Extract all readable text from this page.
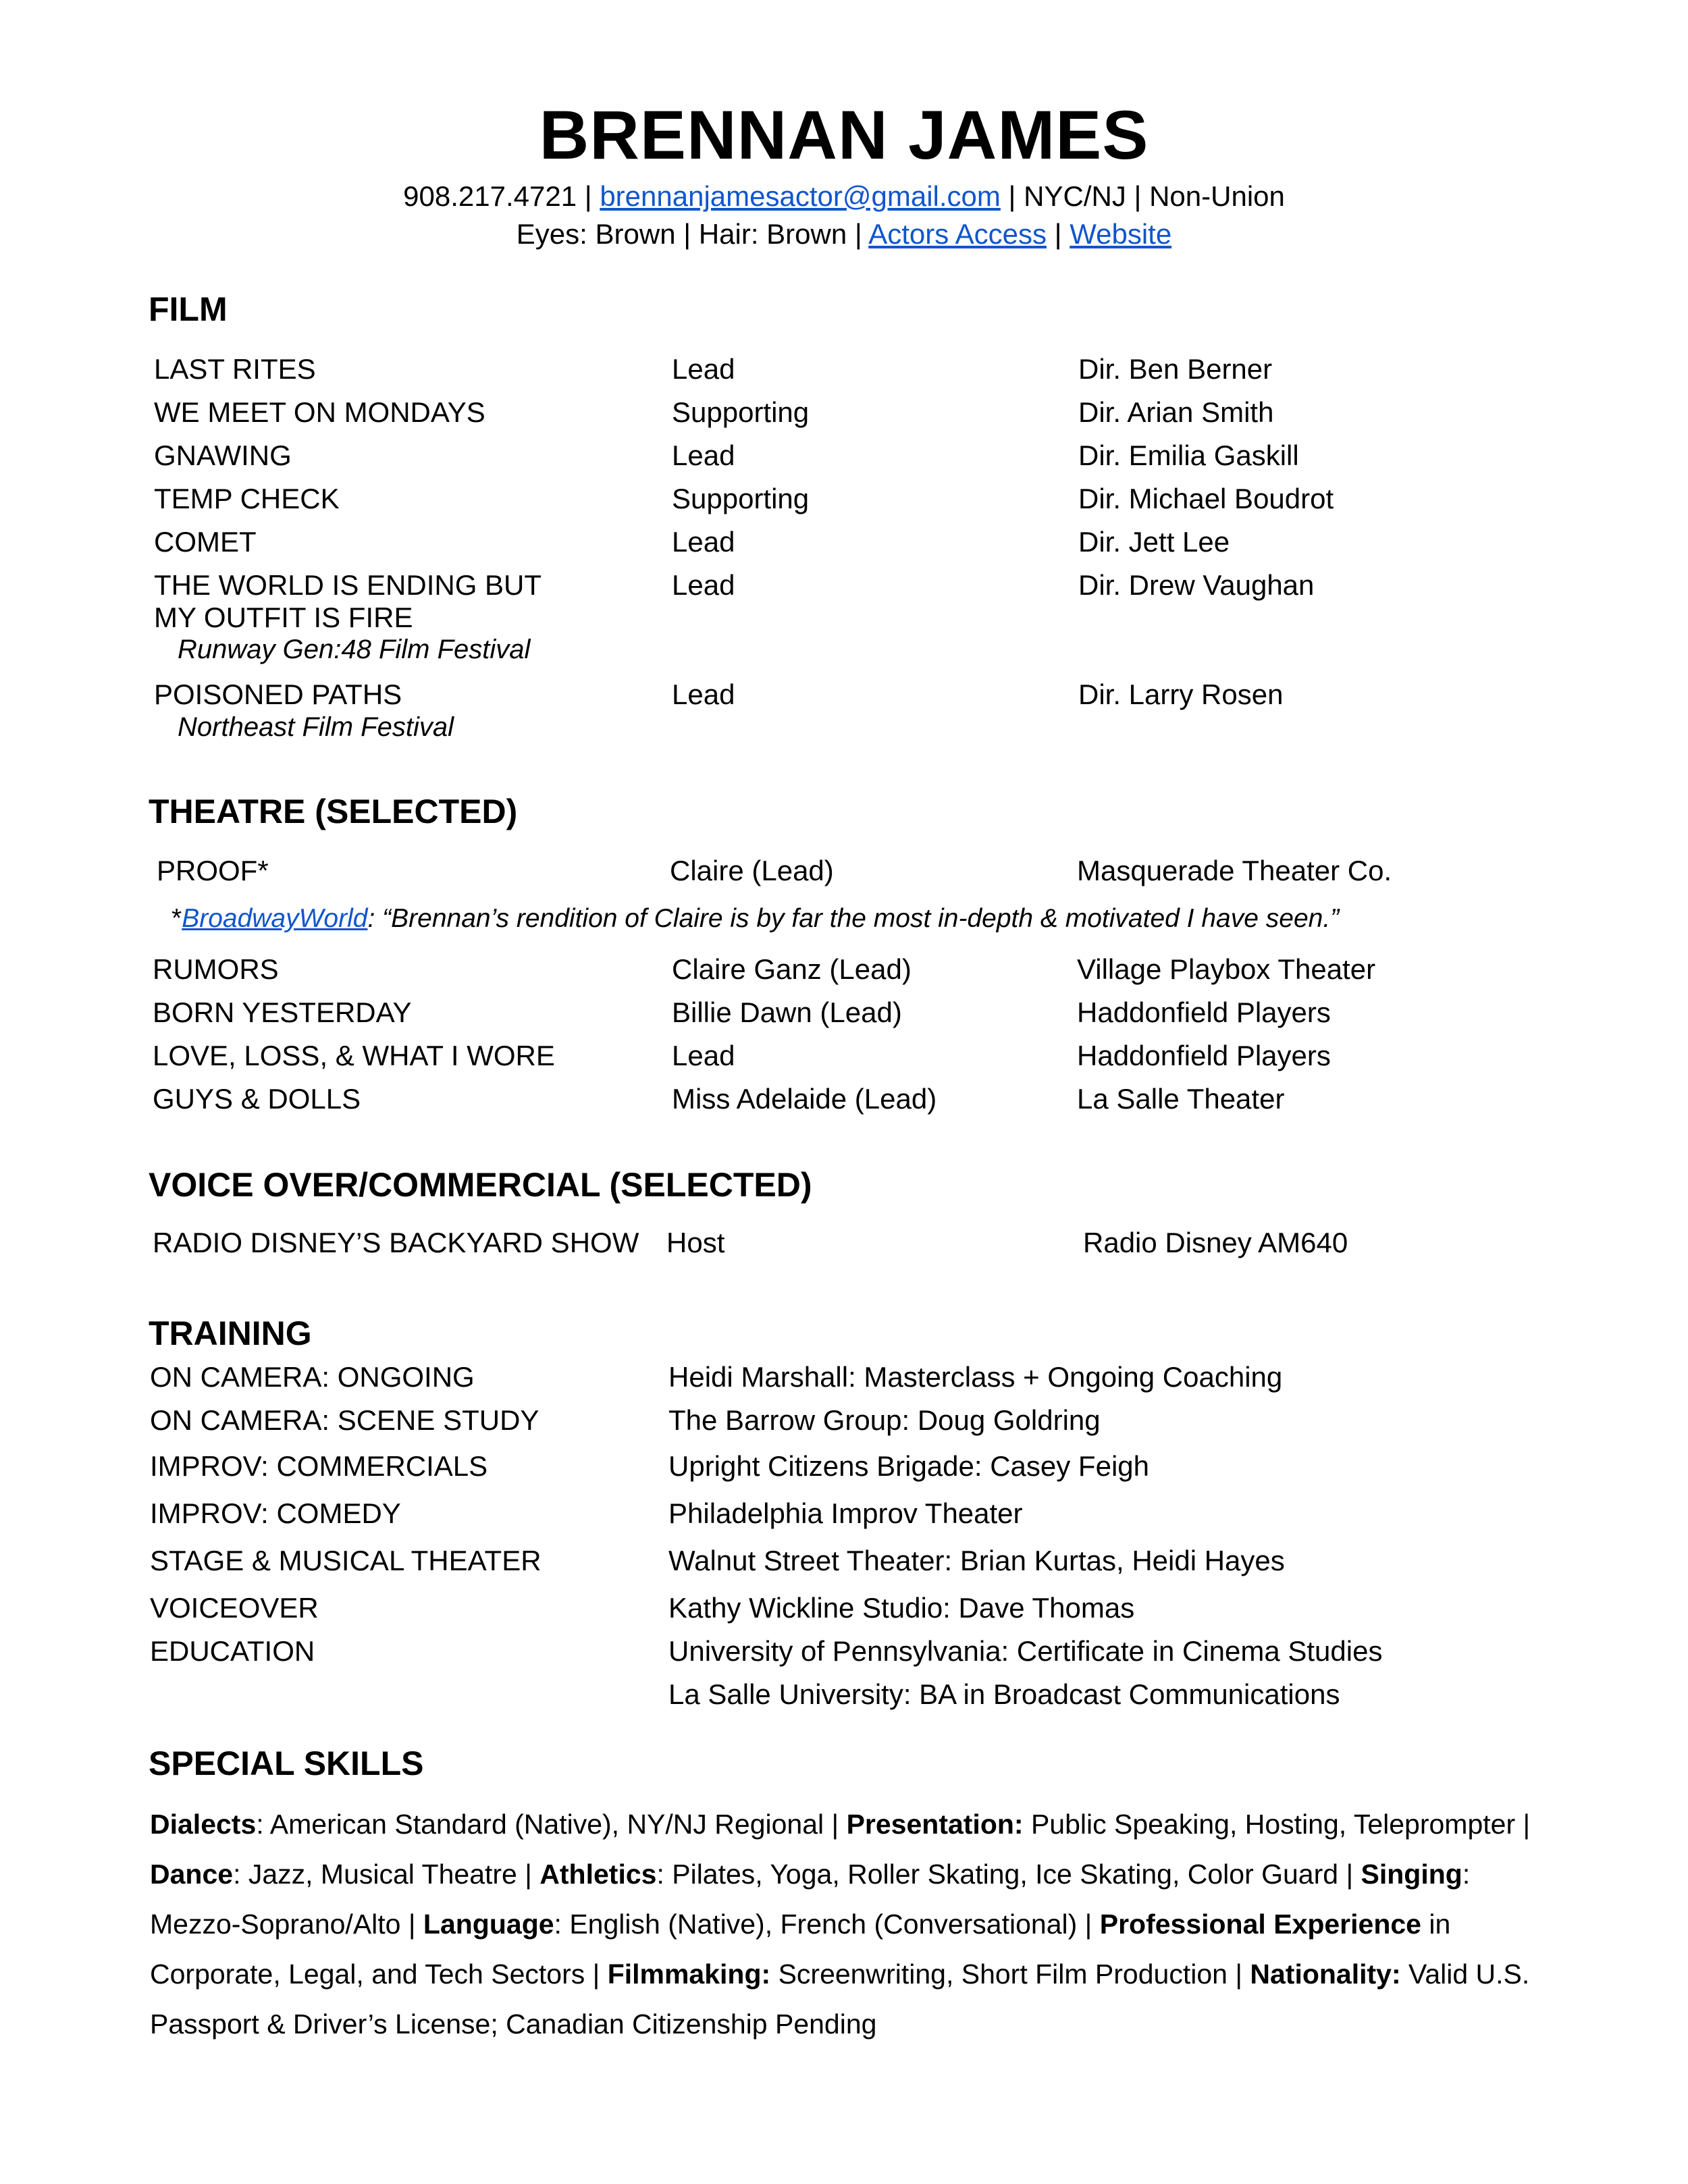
BRENNAN JAMES
908.217.4721 | brennanjamesactor@gmail.com | NYC/NJ | Non-Union
Eyes: Brown | Hair: Brown | Actors Access | Website
FILM
LAST RITES	Lead	Dir. Ben Berner
WE MEET ON MONDAYS	Supporting	Dir. Arian Smith
GNAWING	Lead	Dir. Emilia Gaskill
TEMP CHECK	Supporting	Dir. Michael Boudrot
COMET	Lead	Dir. Jett Lee
THE WORLD IS ENDING BUT
MY OUTFIT IS FIRE
Lead	Dir. Drew Vaughan
Runway Gen:48 Film Festival
POISONED PATHS	Lead	Dir. Larry Rosen
Northeast Film Festival
THEATRE (SELECTED)
PROOF*	Claire (Lead)	Masquerade Theater Co.
*BroadwayWorld: “Brennan’s rendition of Claire is by far the most in-depth & motivated I have seen.”
RUMORS	Claire Ganz (Lead)	Village Playbox Theater
BORN YESTERDAY	Billie Dawn (Lead)	Haddonfield Players
LOVE, LOSS, & WHAT I WORE	Lead	Haddonfield Players
GUYS & DOLLS	Miss Adelaide (Lead)	La Salle Theater
VOICE OVER/COMMERCIAL (SELECTED)
RADIO DISNEY’S BACKYARD SHOW Host	Radio Disney AM640
TRAINING
ON CAMERA: ONGOING	Heidi Marshall: Masterclass + Ongoing Coaching
ON CAMERA: SCENE STUDY	The Barrow Group: Doug Goldring
IMPROV: COMMERCIALS	Upright Citizens Brigade: Casey Feigh
IMPROV: COMEDY	Philadelphia Improv Theater
STAGE & MUSICAL THEATER	Walnut Street Theater: Brian Kurtas, Heidi Hayes
VOICEOVER	Kathy Wickline Studio: Dave Thomas
EDUCATION	University of Pennsylvania: Certificate in Cinema Studies
La Salle University: BA in Broadcast Communications
SPECIAL SKILLS
Dialects: American Standard (Native), NY/NJ Regional | Presentation: Public Speaking, Hosting, Teleprompter | Dance: Jazz, Musical Theatre | Athletics: Pilates, Yoga, Roller Skating, Ice Skating, Color Guard | Singing: Mezzo-Soprano/Alto | Language: English (Native), French (Conversational) | Professional Experience in Corporate, Legal, and Tech Sectors | Filmmaking: Screenwriting, Short Film Production | Nationality: Valid U.S. Passport & Driver’s License; Canadian Citizenship Pending
